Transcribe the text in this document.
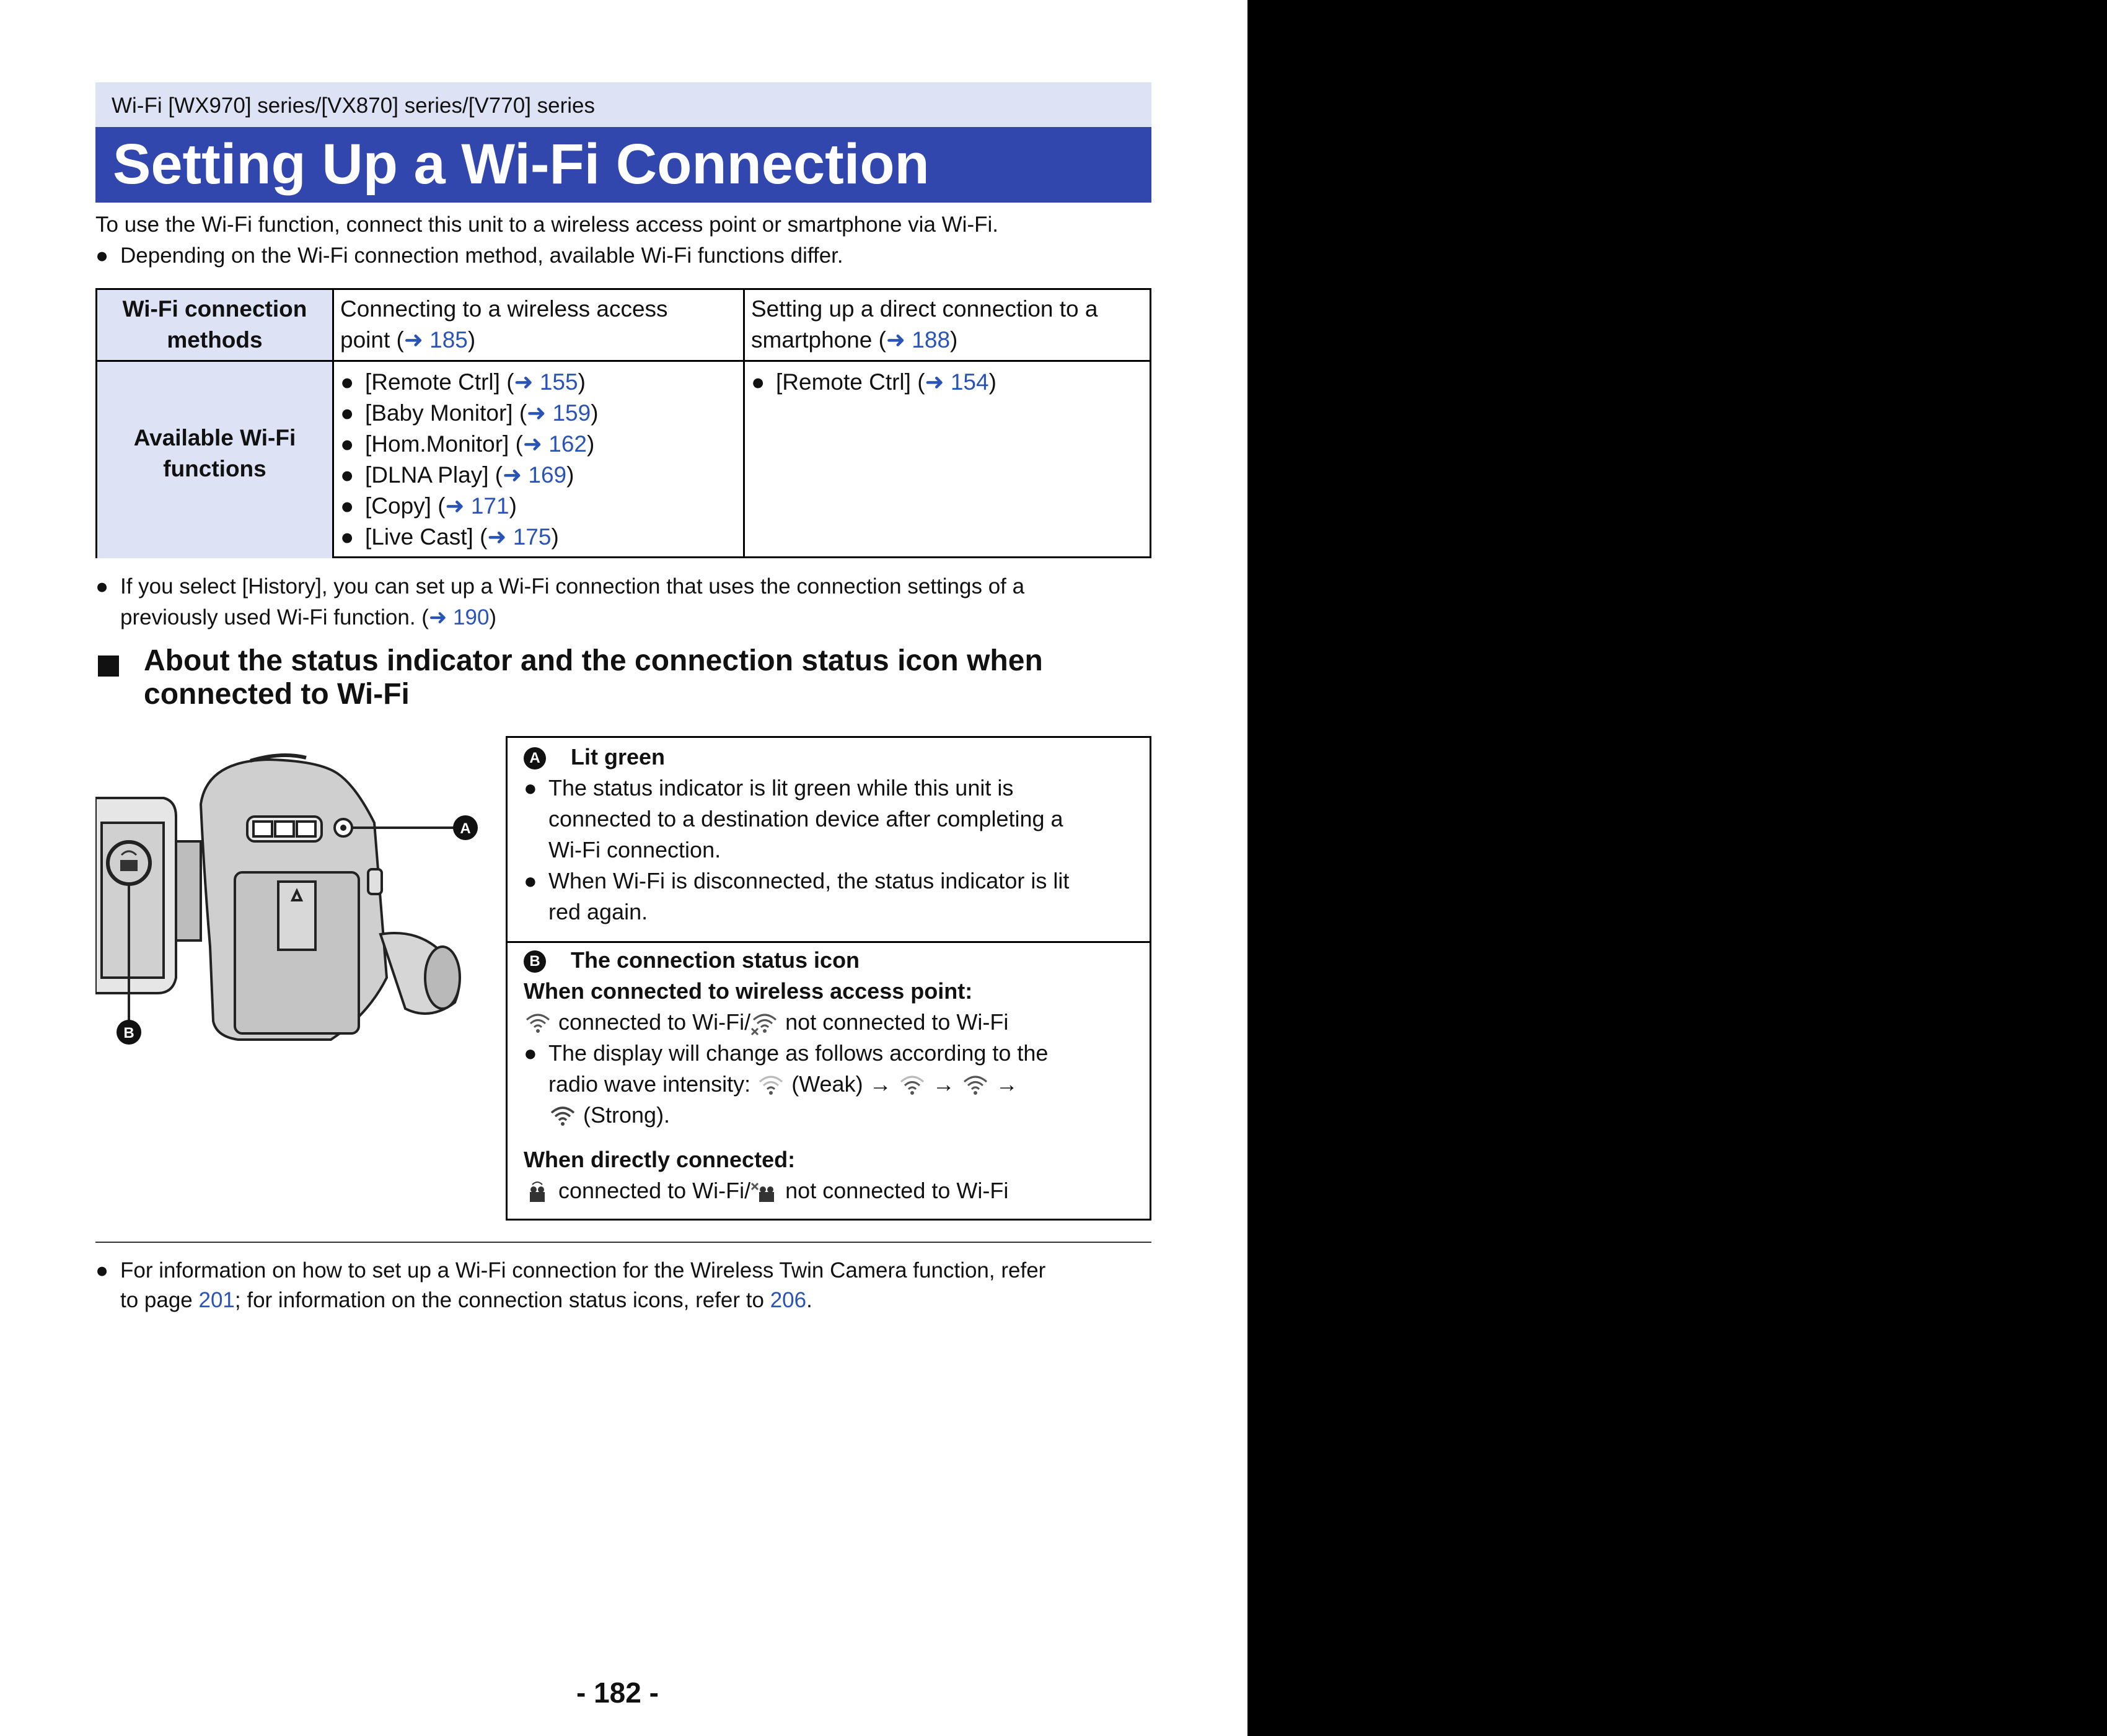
Wi-Fi [WX970] series/[VX870] series/[V770] series
Setting Up a Wi-Fi Connection
To use the Wi-Fi function, connect this unit to a wireless access point or smartphone via Wi-Fi.
● Depending on the Wi-Fi connection method, available Wi-Fi functions differ.
Wi-Fi connection
methods
Available Wi-Fi
functions
Connecting to a wireless access
point (➜ 185)
Setting up a direct connection to a
smartphone (➜ 188)
● [Remote Ctrl] (➜ 155)
● [Baby Monitor] (➜ 159)
● [Hom.Monitor] (➜ 162)
● [DLNA Play] (➜ 169)
● [Copy] (➜ 171)
● [Live Cast] (➜ 175)
● [Remote Ctrl] (➜ 154)
● If you select [History], you can set up a Wi-Fi connection that uses the connection settings of a
previously used Wi-Fi function. (➜ 190)
About the status indicator and the connection status icon when
connected to Wi-Fi
A
B
A Lit green
● The status indicator is lit green while this unit is
connected to a destination device after completing a
Wi-Fi connection.
● When Wi-Fi is disconnected, the status indicator is lit
red again.
B The connection status icon
When connected to wireless access point:
connected to Wi-Fi/ not connected to Wi-Fi
● The display will change as follows according to the
radio wave intensity: (Weak) → → →
(Strong).
When directly connected:
connected to Wi-Fi/ not connected to Wi-Fi
● For information on how to set up a Wi-Fi connection for the Wireless Twin Camera function, refer
to page 201; for information on the connection status icons, refer to 206.
- 182 -
